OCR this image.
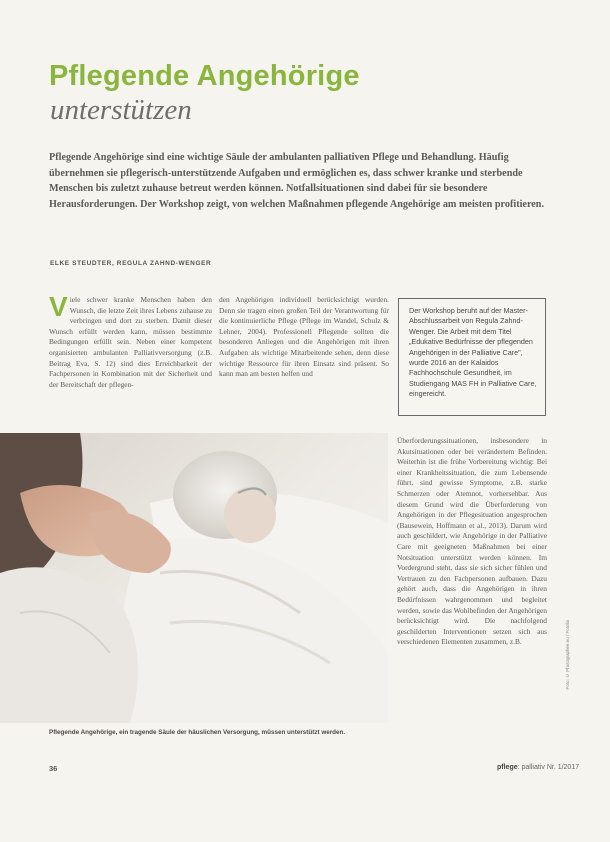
Pflegende Angehörige
unterstützen

Pflegende Angehörige sind eine wichtige Säule der ambulanten palliativen Pflege und Behandlung. Häufig übernehmen sie pflegerisch-unterstützende Aufgaben und ermöglichen es, dass schwer kranke und sterbende Menschen bis zuletzt zuhause betreut werden können. Notfallsituationen sind dabei für sie besondere Herausforderungen. Der Workshop zeigt, von welchen Maßnahmen pflegende Angehörige am meisten profitieren.

ELKE STEUDTER, REGULA ZAHND-WENGER
Viele schwer kranke Menschen haben den Wunsch, die letzte Zeit ihres Lebens zuhause zu verbringen und dort zu sterben. Damit dieser Wunsch erfüllt werden kann, müssen bestimmte Bedingungen erfüllt sein. Neben einer kompetent organisierten ambulanten Palliativversorgung (z.B. Beitrag Eva, S. 12) sind dies Erreichbarkeit der Fachpersonen in Kombination mit der Sicherheit und der Bereitschaft der pflegen-

den Angehörigen individuell berücksichtigt wurden. Denn sie tragen einen großen Teil der Verantwortung für die kontinuierliche Pflege (Pflege im Wandel, Schulz & Lehner, 2004). Professionell Pflegende sollten die besonderen Anliegen und die Angehörigen mit ihren Aufgaben als wichtige Mitarbeitende sehen, denn diese wichtige Ressource für ihren Einsatz sind präsent. So kann man am besten helfen und

Der Workshop beruht auf der Master-Abschlussarbeit von Regula Zahnd-Wenger. Die Arbeit mit dem Titel „Edukative Bedürfnisse der pflegenden Angehörigen in der Palliative Care", wurde 2016 an der Kalaidos Fachhochschule Gesundheit, im Studiengang MAS FH in Palliative Care, eingereicht.

Pflegende Angehörige, ein tragende Säule der häuslichen Versorgung, müssen unterstützt werden.

Überforderungssituationen, insbesondere in Akutsituationen oder bei verändertem Befinden. Weiterhin ist die frühe Vorbereitung wichtig: Bei einer Krankheitssituation, die zum Lebensende führt, sind gewisse Symptome, z.B. starke Schmerzen oder Atemnot, vorhersehbar. Aus diesem Grund wird die Überforderung von Angehörigen in der Pflegesituation angesprochen (Bausewein, Hoffmann et al., 2013). Darum wird auch geschildert, wie Angehörige in der Palliative Care mit geeigneten Maßnahmen bei einer Notsituation unterstützt werden können. Im Vordergrund steht, dass sie sich sicher fühlen und Vertrauen zu den Fachpersonen aufbauen. Dazu gehört auch, dass die Angehörigen in ihren Bedürfnissen wahrgenommen und begleitet werden, sowie das Wohlbefinden der Angehörigen berücksichtigt wird. Die nachfolgend geschilderten Interventionen setzen sich aus verschiedenen Elementen zusammen, z.B.	Foto: © Photographee.eu / Fotolia
36	pflege: palliativ Nr. 1/2017
